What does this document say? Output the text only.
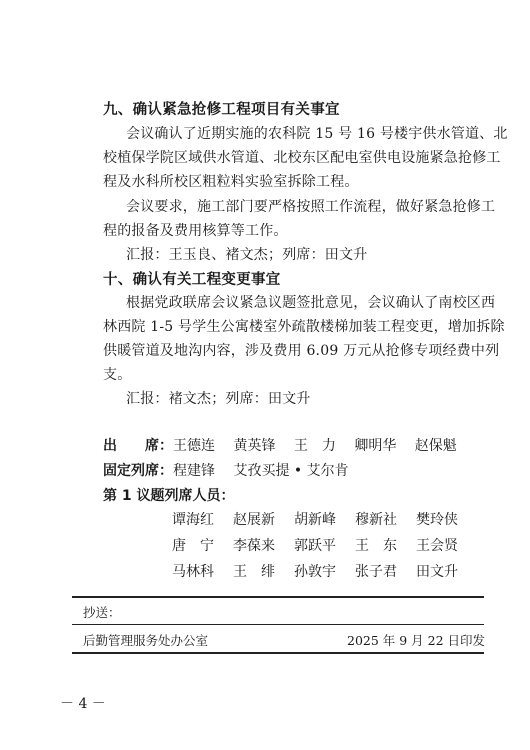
九、确认紧急抢修工程项目有关事宜
会议确认了近期实施的农科院 15 号 16 号楼宇供水管道、北
校植保学院区域供水管道、北校东区配电室供电设施紧急抢修工
程及水科所校区粗粒料实验室拆除工程。
会议要求，施工部门要严格按照工作流程，做好紧急抢修工
程的报备及费用核算等工作。
汇报：王玉良、褚文杰；列席：田文升
十、确认有关工程变更事宜
根据党政联席会议紧急议题签批意见，会议确认了南校区西
林西院 1-5 号学生公寓楼室外疏散楼梯加装工程变更，增加拆除
供暖管道及地沟内容，涉及费用 6.09 万元从抢修专项经费中列
支。
汇报：褚文杰；列席：田文升
出　　席：王德连　 黄英锋　 王　力　 卿明华　 赵保魁
固定列席：程建锋　 艾孜买提 • 艾尔肯
第 1 议题列席人员：
谭海红	赵展新	胡新峰	穆新社	樊玲侠
唐　宁	李葆来	郭跃平	王　东	王会贤
马林科	王　绯	孙敦宇	张子君	田文升
抄送：
后勤管理服务处办公室	2025 年 9 月 22 日印发
－ 4 －
